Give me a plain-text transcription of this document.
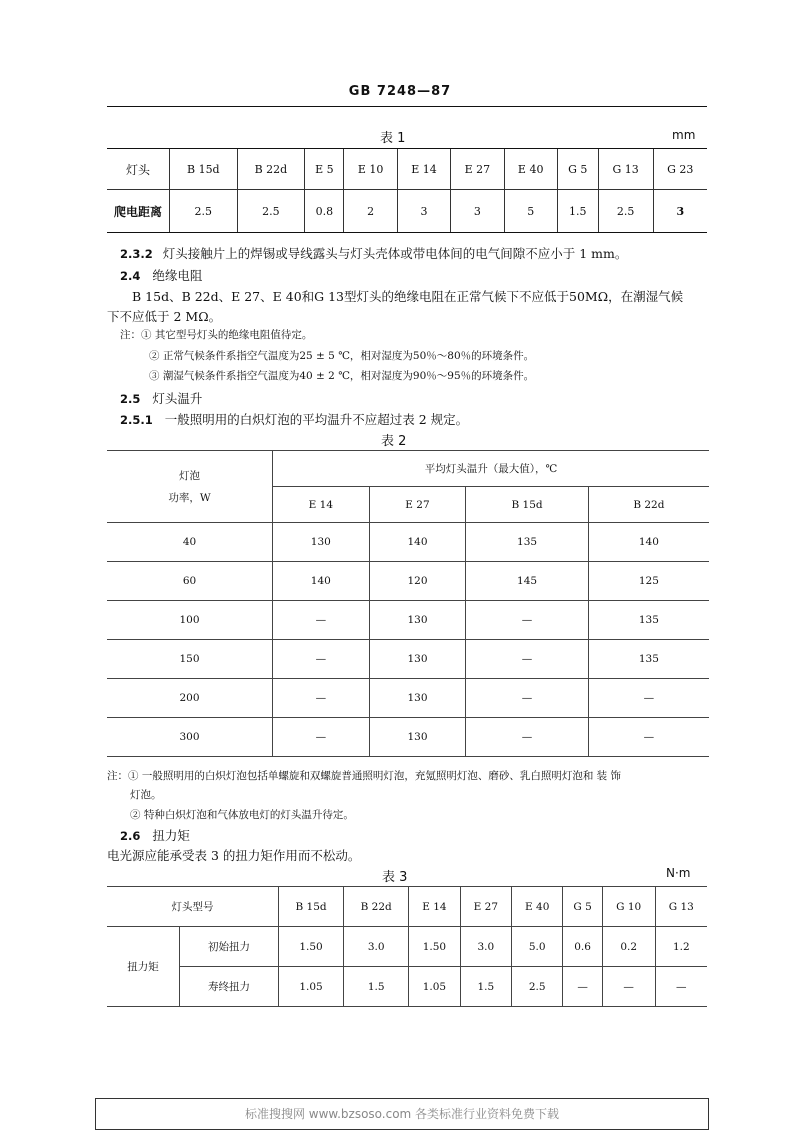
GB 7248—87
表 1	mm
灯头	B 15d	B 22d	E 5	E 10	E 14	E 27	E 40	G 5	G 13	G 23
爬电距离	2.5	2.5	0.8	2	3	3	5	1.5	2.5	3
2.3.2 灯头接触片上的焊锡或导线露头与灯头壳体或带电体间的电气间隙不应小于 1 mm。
2.4 绝缘电阻
B 15d、B 22d、E 27、E 40和G 13型灯头的绝缘电阻在正常气候下不应低于50MΩ，在潮湿气候
下不应低于 2 MΩ。
注：① 其它型号灯头的绝缘电阻值待定。
② 正常气候条件系指空气温度为25 ± 5 ℃，相对湿度为50％～80％的环境条件。
③ 潮湿气候条件系指空气温度为40 ± 2 ℃，相对湿度为90％～95％的环境条件。
2.5 灯头温升
2.5.1 一般照明用的白炽灯泡的平均温升不应超过表 2 规定。
表 2
灯泡
功率，W	平均灯头温升（最大值），℃			
	E 14	E 27	B 15d	B 22d
40	130	140	135	140
60	140	120	145	125
100	—	130	—	135
150	—	130	—	135
200	—	130	—	—
300	—	130	—	—
注：① 一般照明用的白炽灯泡包括单螺旋和双螺旋普通照明灯泡，充氪照明灯泡、磨砂、乳白照明灯泡和 装 饰
灯泡。
② 特种白炽灯泡和气体放电灯的灯头温升待定。
2.6 扭力矩
电光源应能承受表 3 的扭力矩作用而不松动。
表 3	N·m
灯头型号		B 15d	B 22d	E 14	E 27	E 40	G 5	G 10	G 13
扭力矩	初始扭力	1.50	3.0	1.50	3.0	5.0	0.6	0.2	1.2
	寿终扭力	1.05	1.5	1.05	1.5	2.5	—	—	—
标准搜搜网 www.bzsoso.com 各类标准行业资料免费下载
